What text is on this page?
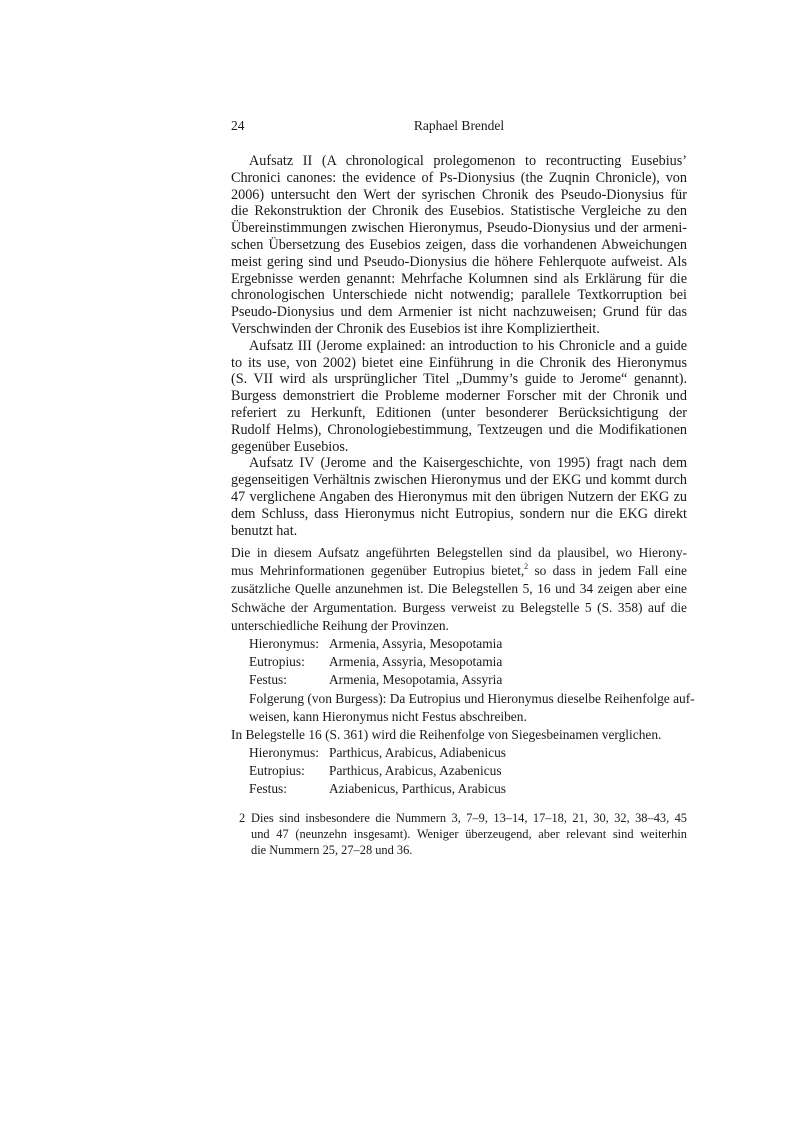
24	Raphael Brendel
Aufsatz II (A chronological prolegomenon to recontructing Eusebius’
Chronici canones: the evidence of Ps-Dionysius (the Zuqnin Chronicle), von
2006) untersucht den Wert der syrischen Chronik des Pseudo-Dionysius für
die Rekonstruktion der Chronik des Eusebios. Statistische Vergleiche zu den
Übereinstimmungen zwischen Hieronymus, Pseudo-Dionysius und der armeni-
schen Übersetzung des Eusebios zeigen, dass die vorhandenen Abweichungen
meist gering sind und Pseudo-Dionysius die höhere Fehlerquote aufweist. Als
Ergebnisse werden genannt: Mehrfache Kolumnen sind als Erklärung für die
chronologischen Unterschiede nicht notwendig; parallele Textkorruption bei
Pseudo-Dionysius und dem Armenier ist nicht nachzuweisen; Grund für das
Verschwinden der Chronik des Eusebios ist ihre Kompliziertheit.
Aufsatz III (Jerome explained: an introduction to his Chronicle and a guide
to its use, von 2002) bietet eine Einführung in die Chronik des Hieronymus
(S. VII wird als ursprünglicher Titel „Dummy’s guide to Jerome“ genannt).
Burgess demonstriert die Probleme moderner Forscher mit der Chronik und
referiert zu Herkunft, Editionen (unter besonderer Berücksichtigung der
Rudolf Helms), Chronologiebestimmung, Textzeugen und die Modifikationen
gegenüber Eusebios.
Aufsatz IV (Jerome and the Kaisergeschichte, von 1995) fragt nach dem
gegenseitigen Verhältnis zwischen Hieronymus und der EKG und kommt durch
47 verglichene Angaben des Hieronymus mit den übrigen Nutzern der EKG zu
dem Schluss, dass Hieronymus nicht Eutropius, sondern nur die EKG direkt
benutzt hat.
Die in diesem Aufsatz angeführten Belegstellen sind da plausibel, wo Hierony-
mus Mehrinformationen gegenüber Eutropius bietet,$^2$ so dass in jedem Fall eine
zusätzliche Quelle anzunehmen ist. Die Belegstellen 5, 16 und 34 zeigen aber eine
Schwäche der Argumentation. Burgess verweist zu Belegstelle 5 (S. 358) auf die
unterschiedliche Reihung der Provinzen.
Hieronymus: Armenia, Assyria, Mesopotamia
Eutropius: Armenia, Assyria, Mesopotamia
Festus:	Armenia, Mesopotamia, Assyria
Folgerung (von Burgess): Da Eutropius und Hieronymus dieselbe Reihenfolge auf-
weisen, kann Hieronymus nicht Festus abschreiben.
In Belegstelle 16 (S. 361) wird die Reihenfolge von Siegesbeinamen verglichen.
Hieronymus: Parthicus, Arabicus, Adiabenicus
Eutropius: Parthicus, Arabicus, Azabenicus
Festus:	Aziabenicus, Parthicus, Arabicus
2 Dies sind insbesondere die Nummern 3, 7–9, 13–14, 17–18, 21, 30, 32, 38–43, 45
und 47 (neunzehn insgesamt). Weniger überzeugend, aber relevant sind weiterhin
die Nummern 25, 27–28 und 36.
